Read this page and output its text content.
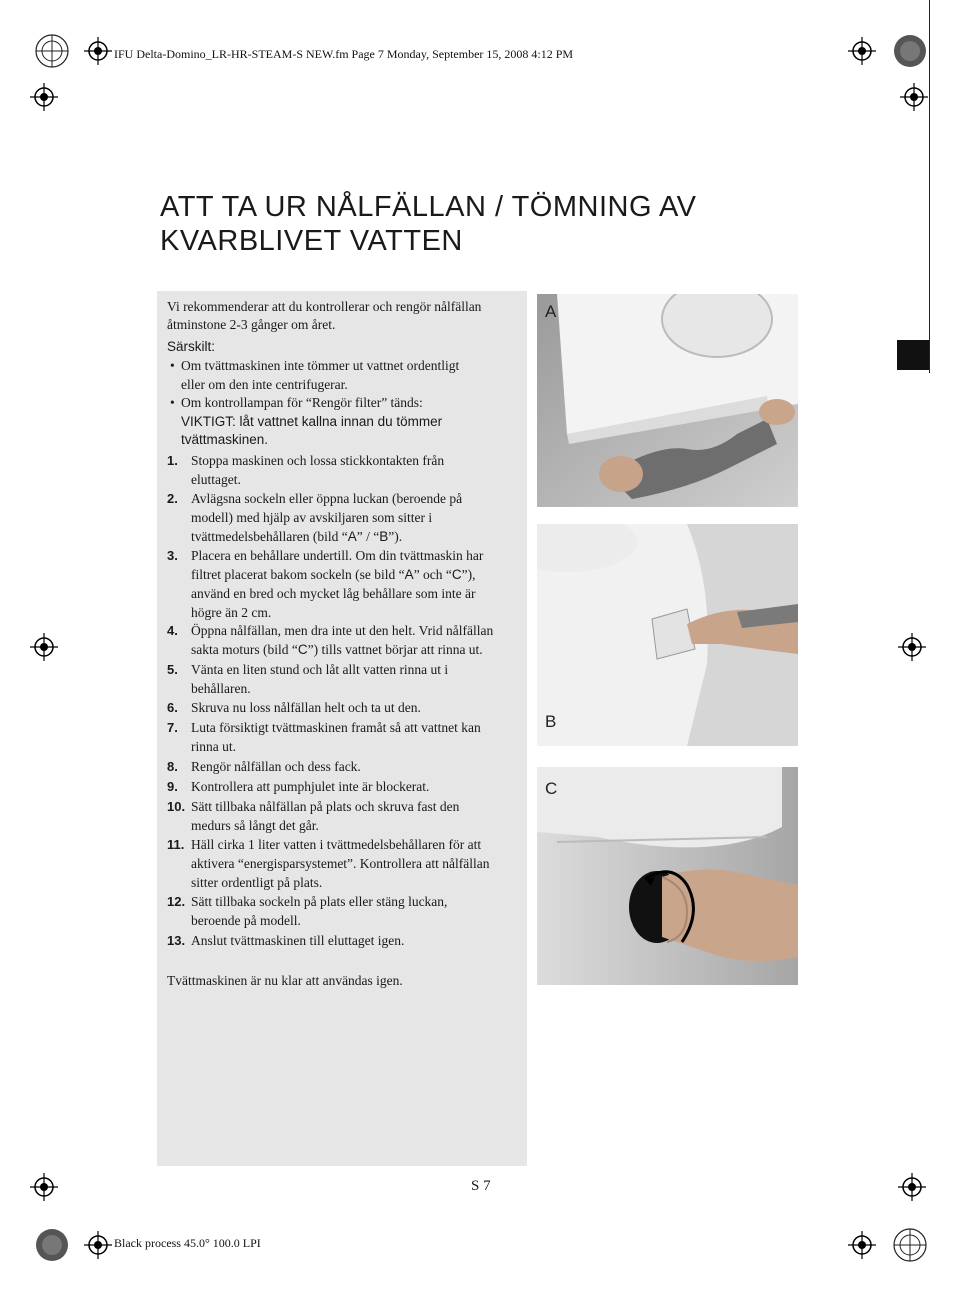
IFU Delta-Domino_LR-HR-STEAM-S NEW.fm Page 7 Monday, September 15, 2008 4:12 PM
Black process 45.0° 100.0 LPI
ATT TA UR NÅLFÄLLAN / TÖMNING AV
KVARBLIVET VATTEN
Vi rekommenderar att du kontrollerar och rengör nålfällan
åtminstone 2-3 gånger om året.
Särskilt:
• Om tvättmaskinen inte tömmer ut vattnet ordentligt
eller om den inte centrifugerar.
• Om kontrollampan för “Rengör filter” tänds:
VIKTIGT: låt vattnet kallna innan du tömmer
tvättmaskinen.
1. Stoppa maskinen och lossa stickkontakten från
eluttaget.
2. Avlägsna sockeln eller öppna luckan (beroende på
modell) med hjälp av avskiljaren som sitter i
tvättmedelsbehållaren (bild “A” / “B”).
3. Placera en behållare undertill. Om din tvättmaskin har
filtret placerat bakom sockeln (se bild “A” och “C”),
använd en bred och mycket låg behållare som inte är
högre än 2 cm.
4. Öppna nålfällan, men dra inte ut den helt. Vrid nålfällan
sakta moturs (bild “C”) tills vattnet börjar att rinna ut.
5. Vänta en liten stund och låt allt vatten rinna ut i
behållaren.
6. Skruva nu loss nålfällan helt och ta ut den.
7. Luta försiktigt tvättmaskinen framåt så att vattnet kan
rinna ut.
8. Rengör nålfällan och dess fack.
9. Kontrollera att pumphjulet inte är blockerat.
10. Sätt tillbaka nålfällan på plats och skruva fast den
medurs så långt det går.
11. Häll cirka 1 liter vatten i tvättmedelsbehållaren för att
aktivera “energisparsystemet”. Kontrollera att nålfällan
sitter ordentligt på plats.
12. Sätt tillbaka sockeln på plats eller stäng luckan,
beroende på modell.
13. Anslut tvättmaskinen till eluttaget igen.
Tvättmaskinen är nu klar att användas igen.
S 7
A
B
C
